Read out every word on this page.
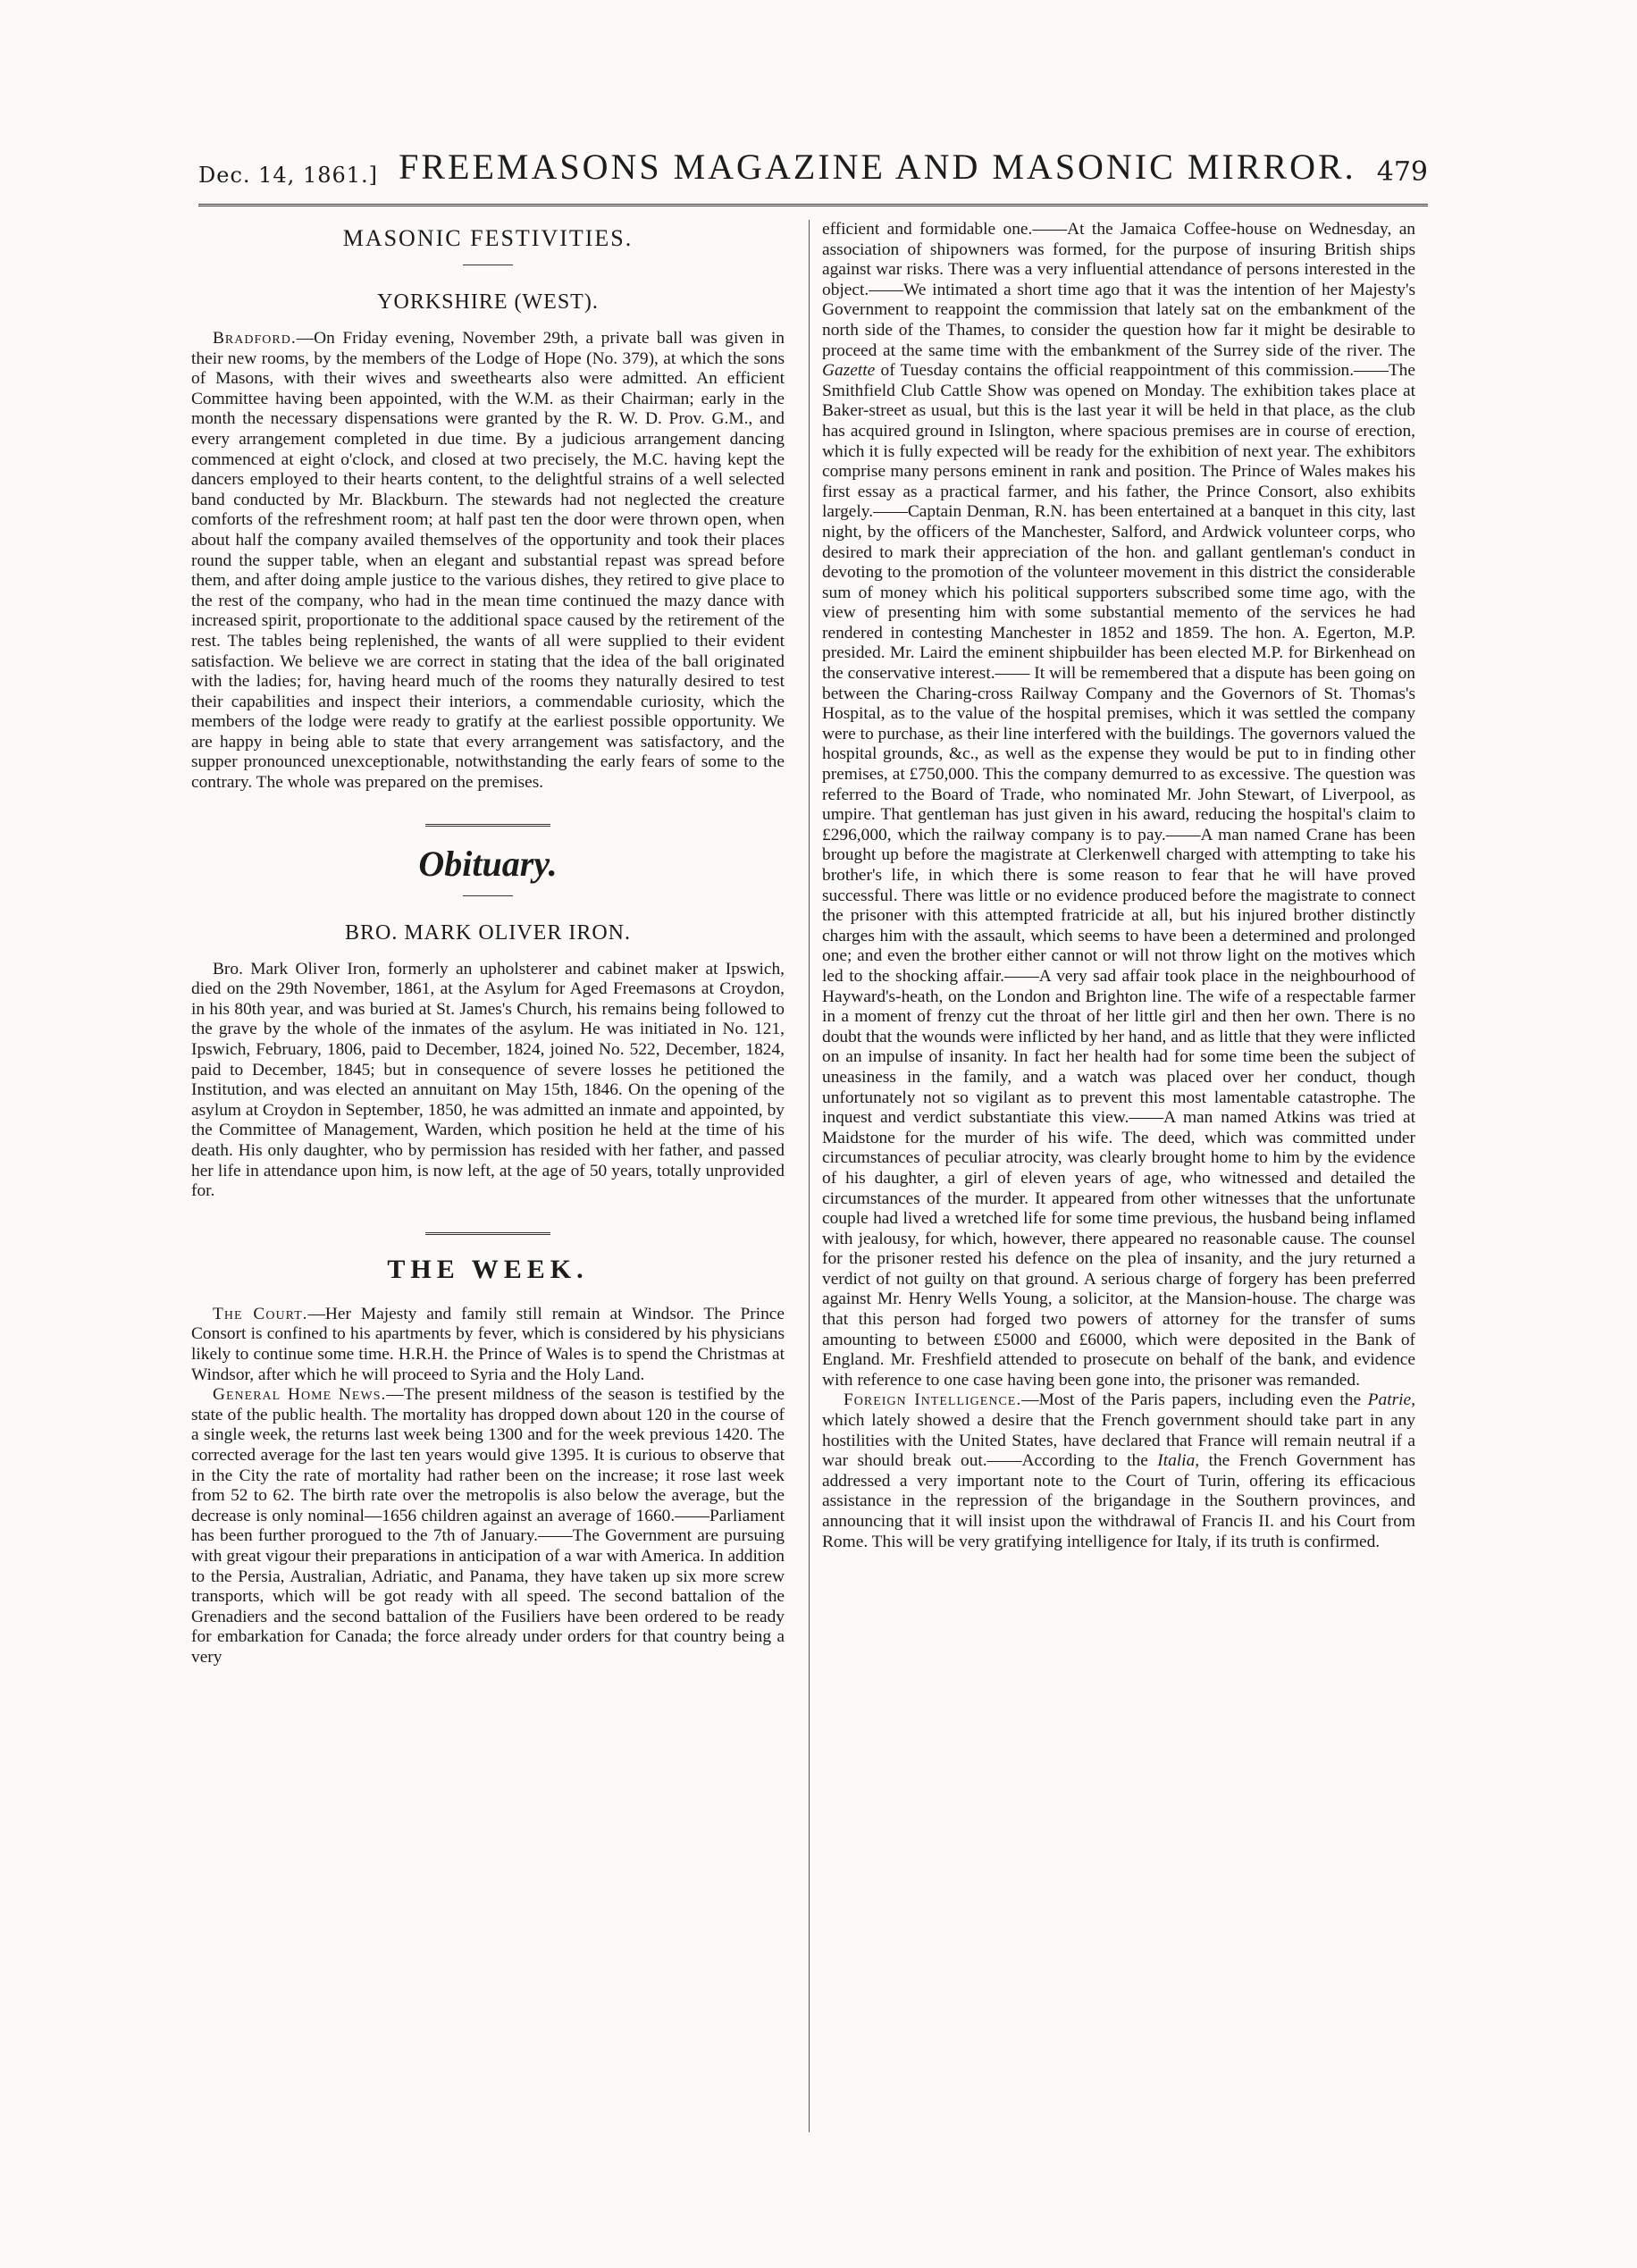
Dec. 14, 1861.] FREEMASONS MAGAZINE AND MASONIC MIRROR. 479
MASONIC FESTIVITIES.
YORKSHIRE (WEST).

Bradford.—On Friday evening, November 29th, a private ball was given in their new rooms, by the members of the Lodge of Hope (No. 379), at which the sons of Masons, with their wives and sweethearts also were admitted. An efficient Committee having been appointed, with the W.M. as their Chairman; early in the month the necessary dispensations were granted by the R. W. D. Prov. G.M., and every arrangement completed in due time. By a judicious arrangement dancing commenced at eight o'clock, and closed at two precisely, the M.C. having kept the dancers employed to their hearts content, to the delightful strains of a well selected band conducted by Mr. Blackburn. The stewards had not neglected the creature comforts of the refreshment room; at half past ten the door were thrown open, when about half the company availed themselves of the opportunity and took their places round the supper table, when an elegant and substantial repast was spread before them, and after doing ample justice to the various dishes, they retired to give place to the rest of the company, who had in the mean time continued the mazy dance with increased spirit, proportionate to the additional space caused by the retirement of the rest. The tables being replenished, the wants of all were supplied to their evident satisfaction. We believe we are correct in stating that the idea of the ball originated with the ladies; for, having heard much of the rooms they naturally desired to test their capabilities and inspect their interiors, a commendable curiosity, which the members of the lodge were ready to gratify at the earliest possible opportunity. We are happy in being able to state that every arrangement was satisfactory, and the supper pronounced unexceptionable, notwithstanding the early fears of some to the contrary. The whole was prepared on the premises.

Obituary.
BRO. MARK OLIVER IRON.

Bro. Mark Oliver Iron, formerly an upholsterer and cabinet maker at Ipswich, died on the 29th November, 1861, at the Asylum for Aged Freemasons at Croydon, in his 80th year, and was buried at St. James's Church, his remains being followed to the grave by the whole of the inmates of the asylum. He was initiated in No. 121, Ipswich, February, 1806, paid to December, 1824, joined No. 522, December, 1824, paid to December, 1845; but in consequence of severe losses he petitioned the Institution, and was elected an annuitant on May 15th, 1846. On the opening of the asylum at Croydon in September, 1850, he was admitted an inmate and appointed, by the Committee of Management, Warden, which position he held at the time of his death. His only daughter, who by permission has resided with her father, and passed her life in attendance upon him, is now left, at the age of 50 years, totally unprovided for.

THE WEEK.

The Court.—Her Majesty and family still remain at Windsor. The Prince Consort is confined to his apartments by fever, which is considered by his physicians likely to continue some time. H.R.H. the Prince of Wales is to spend the Christmas at Windsor, after which he will proceed to Syria and the Holy Land.

General Home News.—The present mildness of the season is testified by the state of the public health. The mortality has dropped down about 120 in the course of a single week, the returns last week being 1300 and for the week previous 1420. The corrected average for the last ten years would give 1395. It is curious to observe that in the City the rate of mortality had rather been on the increase; it rose last week from 52 to 62. The birth rate over the metropolis is also below the average, but the decrease is only nominal—1656 children against an average of 1660.——Parliament has been further prorogued to the 7th of January.——The Government are pursuing with great vigour their preparations in anticipation of a war with America. In addition to the Persia, Australian, Adriatic, and Panama, they have taken up six more screw transports, which will be got ready with all speed. The second battalion of the Grenadiers and the second battalion of the Fusiliers have been ordered to be ready for embarkation for Canada; the force already under orders for that country being a very

efficient and formidable one.——At the Jamaica Coffee-house on Wednesday, an association of shipowners was formed, for the purpose of insuring British ships against war risks. There was a very influential attendance of persons interested in the object.——We intimated a short time ago that it was the intention of her Majesty's Government to reappoint the commission that lately sat on the embankment of the north side of the Thames, to consider the question how far it might be desirable to proceed at the same time with the embankment of the Surrey side of the river. The Gazette of Tuesday contains the official reappointment of this commission.——The Smithfield Club Cattle Show was opened on Monday. The exhibition takes place at Baker-street as usual, but this is the last year it will be held in that place, as the club has acquired ground in Islington, where spacious premises are in course of erection, which it is fully expected will be ready for the exhibition of next year. The exhibitors comprise many persons eminent in rank and position. The Prince of Wales makes his first essay as a practical farmer, and his father, the Prince Consort, also exhibits largely.——Captain Denman, R.N. has been entertained at a banquet in this city, last night, by the officers of the Manchester, Salford, and Ardwick volunteer corps, who desired to mark their appreciation of the hon. and gallant gentleman's conduct in devoting to the promotion of the volunteer movement in this district the considerable sum of money which his political supporters subscribed some time ago, with the view of presenting him with some substantial memento of the services he had rendered in contesting Manchester in 1852 and 1859. The hon. A. Egerton, M.P. presided. Mr. Laird the eminent shipbuilder has been elected M.P. for Birkenhead on the conservative interest.—— It will be remembered that a dispute has been going on between the Charing-cross Railway Company and the Governors of St. Thomas's Hospital, as to the value of the hospital premises, which it was settled the company were to purchase, as their line interfered with the buildings. The governors valued the hospital grounds, &c., as well as the expense they would be put to in finding other premises, at £750,000. This the company demurred to as excessive. The question was referred to the Board of Trade, who nominated Mr. John Stewart, of Liverpool, as umpire. That gentleman has just given in his award, reducing the hospital's claim to £296,000, which the railway company is to pay.——A man named Crane has been brought up before the magistrate at Clerkenwell charged with attempting to take his brother's life, in which there is some reason to fear that he will have proved successful. There was little or no evidence produced before the magistrate to connect the prisoner with this attempted fratricide at all, but his injured brother distinctly charges him with the assault, which seems to have been a determined and prolonged one; and even the brother either cannot or will not throw light on the motives which led to the shocking affair.——A very sad affair took place in the neighbourhood of Hayward's-heath, on the London and Brighton line. The wife of a respectable farmer in a moment of frenzy cut the throat of her little girl and then her own. There is no doubt that the wounds were inflicted by her hand, and as little that they were inflicted on an impulse of insanity. In fact her health had for some time been the subject of uneasiness in the family, and a watch was placed over her conduct, though unfortunately not so vigilant as to prevent this most lamentable catastrophe. The inquest and verdict substantiate this view.——A man named Atkins was tried at Maidstone for the murder of his wife. The deed, which was committed under circumstances of peculiar atrocity, was clearly brought home to him by the evidence of his daughter, a girl of eleven years of age, who witnessed and detailed the circumstances of the murder. It appeared from other witnesses that the unfortunate couple had lived a wretched life for some time previous, the husband being inflamed with jealousy, for which, however, there appeared no reasonable cause. The counsel for the prisoner rested his defence on the plea of insanity, and the jury returned a verdict of not guilty on that ground. A serious charge of forgery has been preferred against Mr. Henry Wells Young, a solicitor, at the Mansion-house. The charge was that this person had forged two powers of attorney for the transfer of sums amounting to between £5000 and £6000, which were deposited in the Bank of England. Mr. Freshfield attended to prosecute on behalf of the bank, and evidence with reference to one case having been gone into, the prisoner was remanded.

Foreign Intelligence.—Most of the Paris papers, including even the Patrie, which lately showed a desire that the French government should take part in any hostilities with the United States, have declared that France will remain neutral if a war should break out.——According to the Italia, the French Government has addressed a very important note to the Court of Turin, offering its efficacious assistance in the repression of the brigandage in the Southern provinces, and announcing that it will insist upon the withdrawal of Francis II. and his Court from Rome. This will be very gratifying intelligence for Italy, if its truth is confirmed.
